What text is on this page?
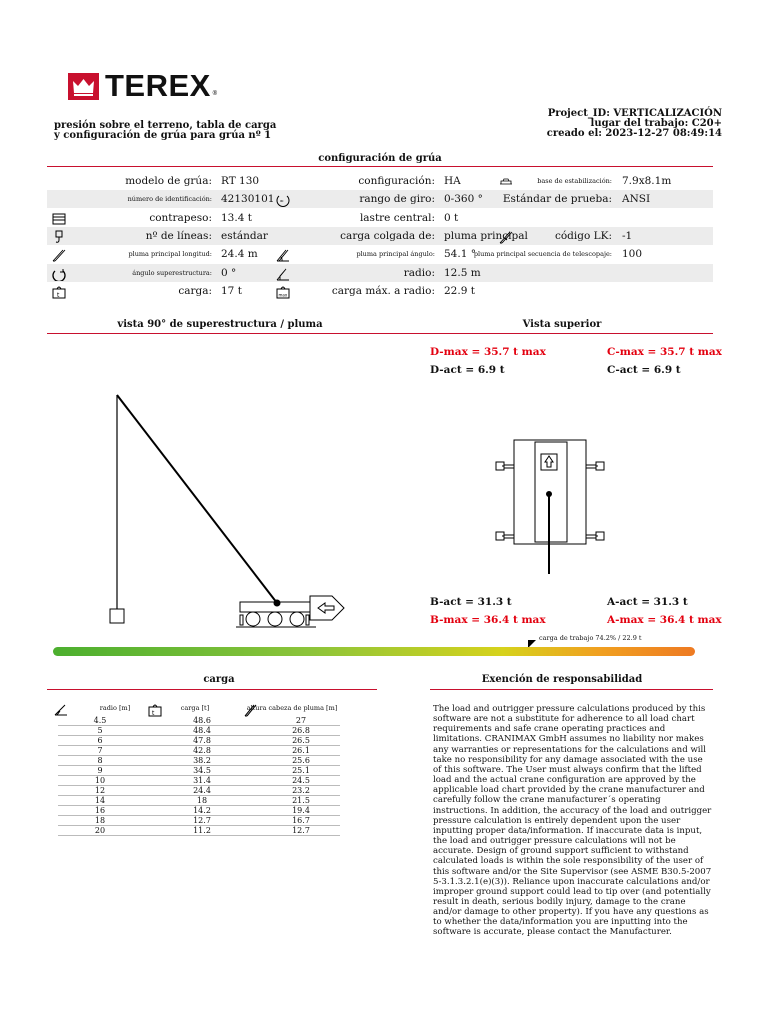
TEREX ®
presión sobre el terreno, tabla de carga
y configuración de grúa para grúa nº 1
Project_ID: VERTICALIZACIÓN
lugar del trabajo: C20+
creado el: 2023-12-27 08:49:14
configuración de grúa
modelo de grúa: RT 130	configuración: HA	base de estabilización: 7.9x8.1m
número de identificación: 42130101 ∞	rango de giro: 0-360 ° Estándar de prueba: ANSI
contrapeso: 13.4 t	lastre central: 0 t
nº de líneas: estándar	carga colgada de: pluma principal	código LK: -1
pluma principal longitud: 24.4 m	pluma principal ángulo: 54.1 °
pluma principal secuencia de telescopaje: 100
ángulo superestructura: 0 °	radio: 12.5 m
t	carga: 17 t	max	carga máx. a radio: 22.9 t
vista 90° de superestructura / pluma	Vista superior
D-max = 35.7 t max	C-max = 35.7 t max
D-act = 6.9 t	C-act = 6.9 t
B-act = 31.3 t	A-act = 31.3 t
B-max = 36.4 t max	A-max = 36.4 t max
carga de trabajo 74.2% / 22.9 t
carga
radio [m]
t
carga [t]	altura cabeza de pluma [m]
4.5	48.6	27
5	48.4	26.8
6	47.8	26.5
7	42.8	26.1
8	38.2	25.6
9	34.5	25.1
10	31.4	24.5
12	24.4	23.2
14	18	21.5
16	14.2	19.4
18	12.7	16.7
20	11.2	12.7
Exención de responsabilidad
The load and outrigger pressure calculations produced by this software are not a substitute for adherence to all load chart requirements and safe crane operating practices and limitations. CRANIMAX GmbH assumes no liability nor makes any warranties or representations for the calculations and will take no responsibility for any damage associated with the use of this software. The User must always confirm that the lifted load and the actual crane configuration are approved by the applicable load chart provided by the crane manufacturer and carefully follow the crane manufacturer´s operating instructions. In addition, the accuracy of the load and outrigger pressure calculation is entirely dependent upon the user inputting proper data/information. If inaccurate data is input, the load and outrigger pressure calculations will not be accurate. Design of ground support sufficient to withstand calculated loads is within the sole responsibility of the user of this software and/or the Site Supervisor (see ASME B30.5-2007 5-3.1.3.2.1(e)(3)). Reliance upon inaccurate calculations and/or improper ground support could lead to tip over (and potentially result in death, serious bodily injury, damage to the crane and/or damage to other property). If you have any questions as to whether the data/information you are inputting into the software is accurate, please contact the Manufacturer.
